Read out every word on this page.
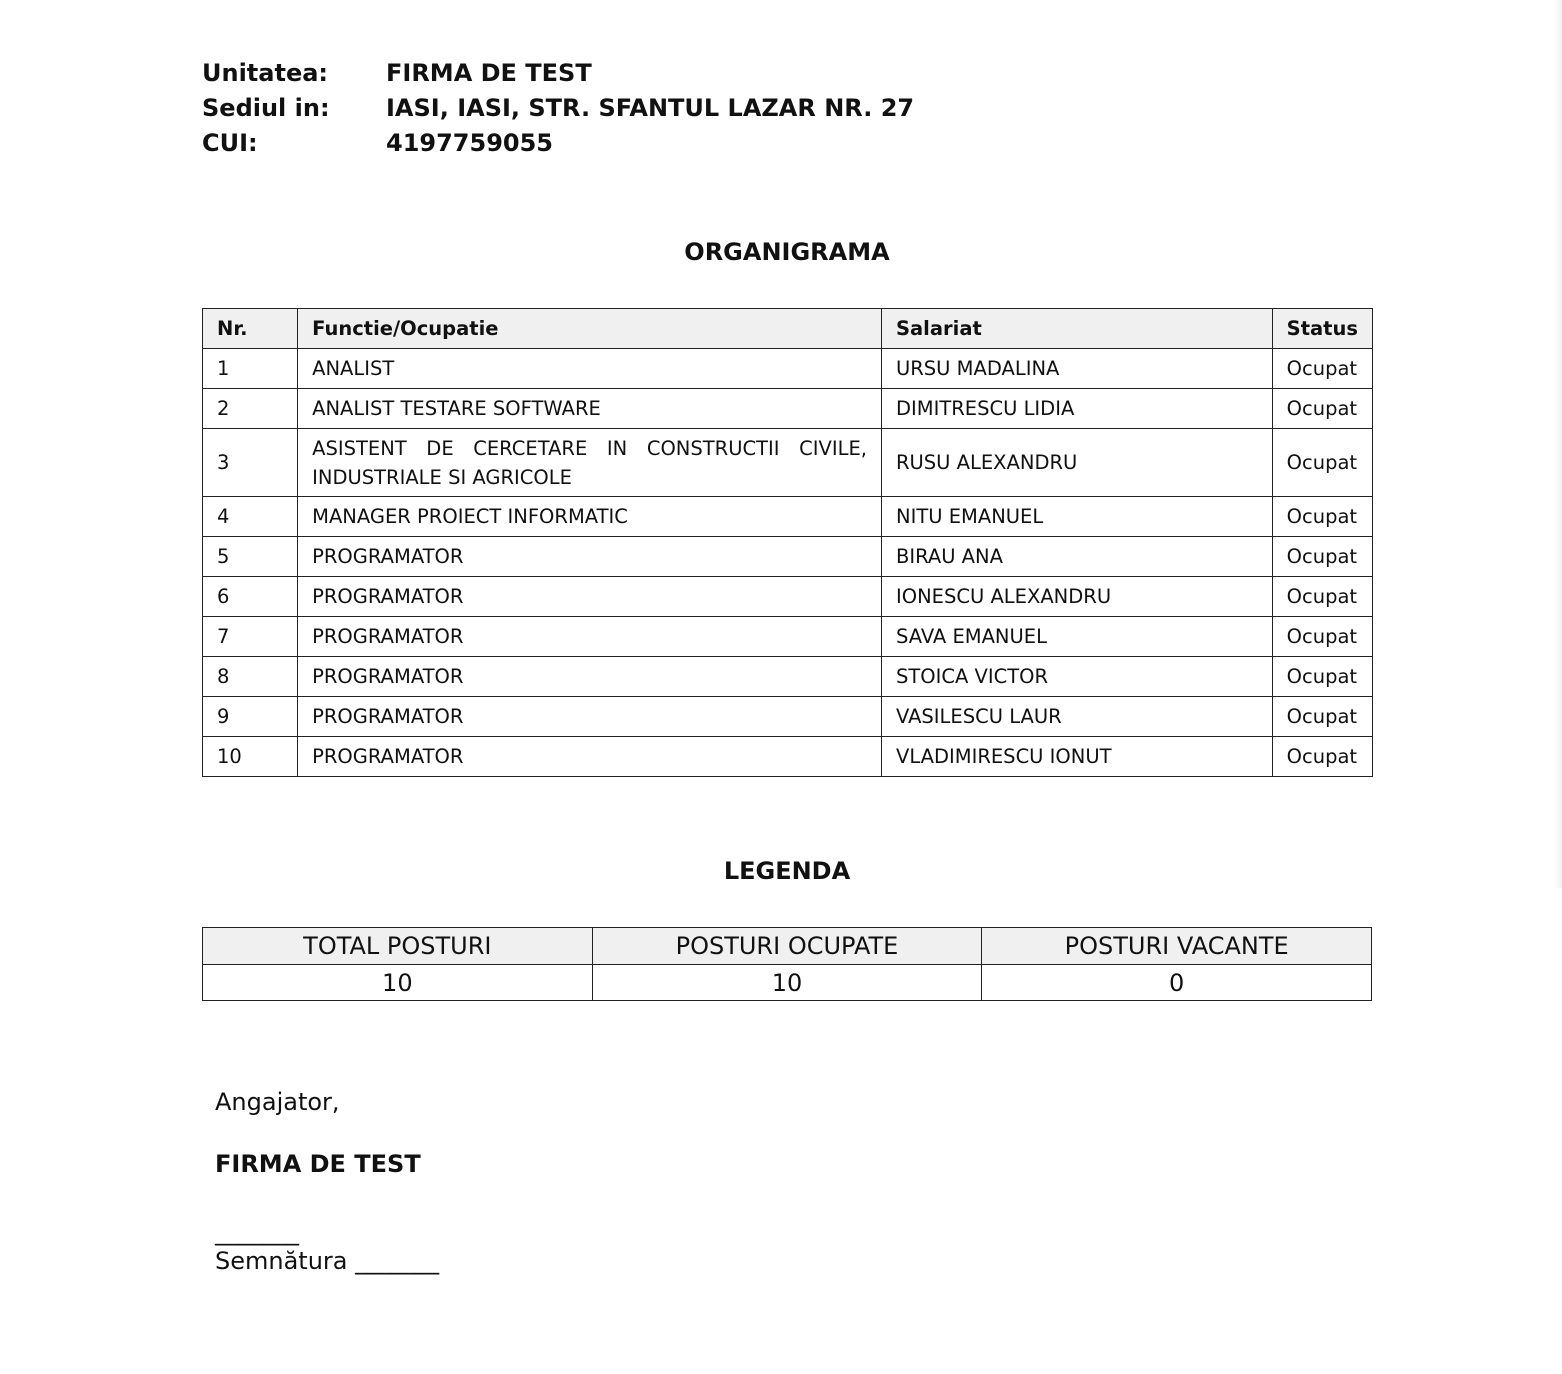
Unitatea:	FIRMA DE TEST
Sediul in:	IASI, IASI, STR. SFANTUL LAZAR NR. 27
CUI:	4197759055
ORGANIGRAMA
Nr.	Functie/Ocupatie	Salariat	Status
1	ANALIST	URSU MADALINA	Ocupat
2	ANALIST TESTARE SOFTWARE	DIMITRESCU LIDIA	Ocupat
3	ASISTENT DE CERCETARE IN CONSTRUCTII CIVILE, INDUSTRIALE SI AGRICOLE	RUSU ALEXANDRU	Ocupat
4	MANAGER PROIECT INFORMATIC	NITU EMANUEL	Ocupat
5	PROGRAMATOR	BIRAU ANA	Ocupat
6	PROGRAMATOR	IONESCU ALEXANDRU	Ocupat
7	PROGRAMATOR	SAVA EMANUEL	Ocupat
8	PROGRAMATOR	STOICA VICTOR	Ocupat
9	PROGRAMATOR	VASILESCU LAUR	Ocupat
10	PROGRAMATOR	VLADIMIRESCU IONUT	Ocupat
LEGENDA
TOTAL POSTURI	POSTURI OCUPATE	POSTURI VACANTE
10	10	0
Angajator,
FIRMA DE TEST
_______
Semnătura _______
